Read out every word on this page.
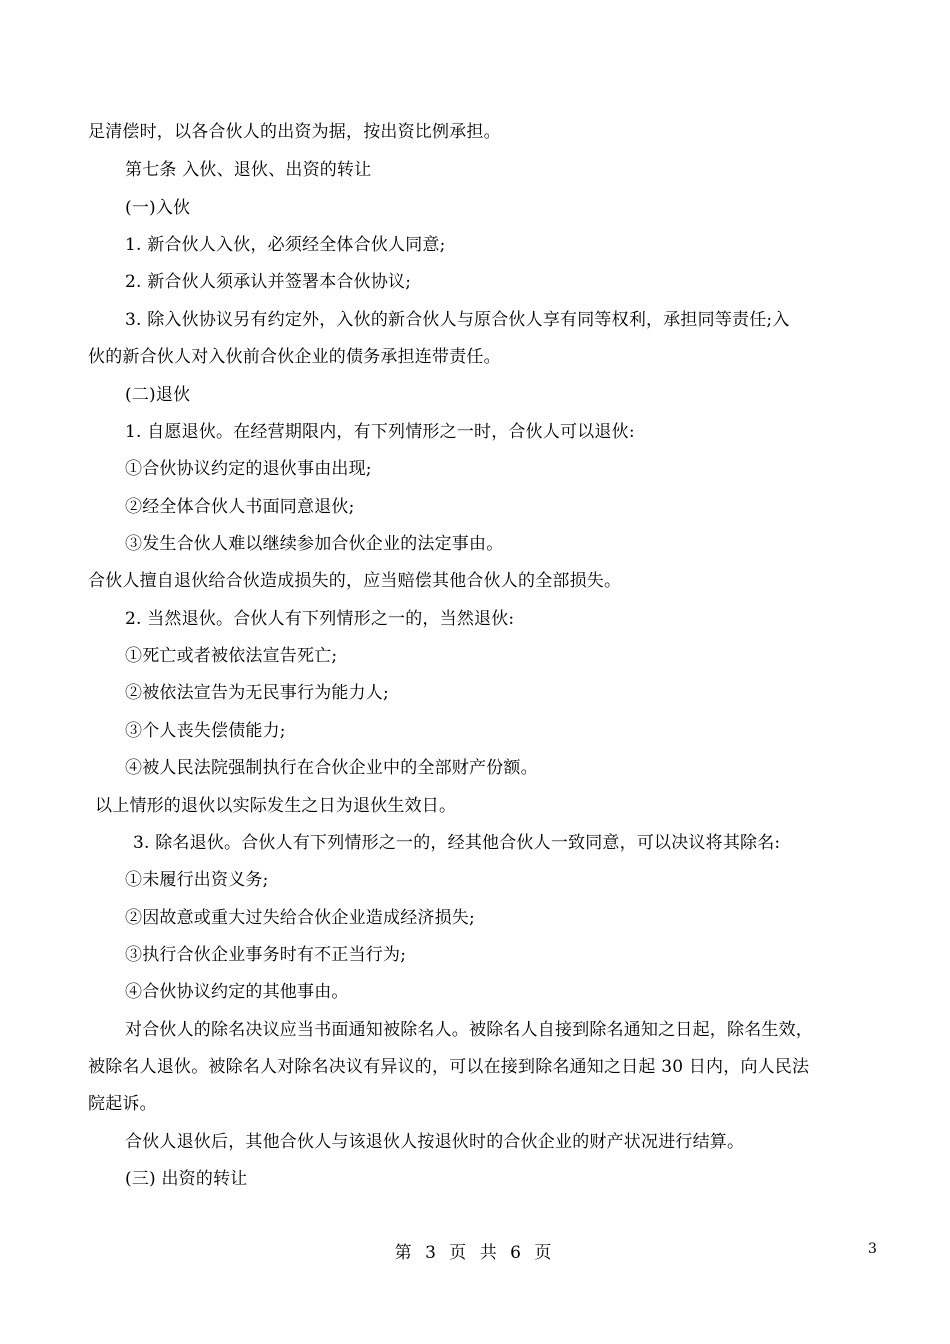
足清偿时，以各合伙人的出资为据，按出资比例承担。
第七条 入伙、退伙、出资的转让
(一)入伙
1. 新合伙人入伙，必须经全体合伙人同意;
2. 新合伙人须承认并签署本合伙协议;
3. 除入伙协议另有约定外，入伙的新合伙人与原合伙人享有同等权利，承担同等责任;入
伙的新合伙人对入伙前合伙企业的债务承担连带责任。
(二)退伙
1. 自愿退伙。在经营期限内，有下列情形之一时，合伙人可以退伙:
①合伙协议约定的退伙事由出现;
②经全体合伙人书面同意退伙;
③发生合伙人难以继续参加合伙企业的法定事由。
合伙人擅自退伙给合伙造成损失的，应当赔偿其他合伙人的全部损失。
2. 当然退伙。合伙人有下列情形之一的，当然退伙:
①死亡或者被依法宣告死亡;
②被依法宣告为无民事行为能力人;
③个人丧失偿债能力;
④被人民法院强制执行在合伙企业中的全部财产份额。
以上情形的退伙以实际发生之日为退伙生效日。
3. 除名退伙。合伙人有下列情形之一的，经其他合伙人一致同意，可以决议将其除名:
①未履行出资义务;
②因故意或重大过失给合伙企业造成经济损失;
③执行合伙企业事务时有不正当行为;
④合伙协议约定的其他事由。
对合伙人的除名决议应当书面通知被除名人。被除名人自接到除名通知之日起，除名生效，
被除名人退伙。被除名人对除名决议有异议的，可以在接到除名通知之日起 30 日内，向人民法
院起诉。
合伙人退伙后，其他合伙人与该退伙人按退伙时的合伙企业的财产状况进行结算。
(三) 出资的转让
第 3 页 共 6 页	3
